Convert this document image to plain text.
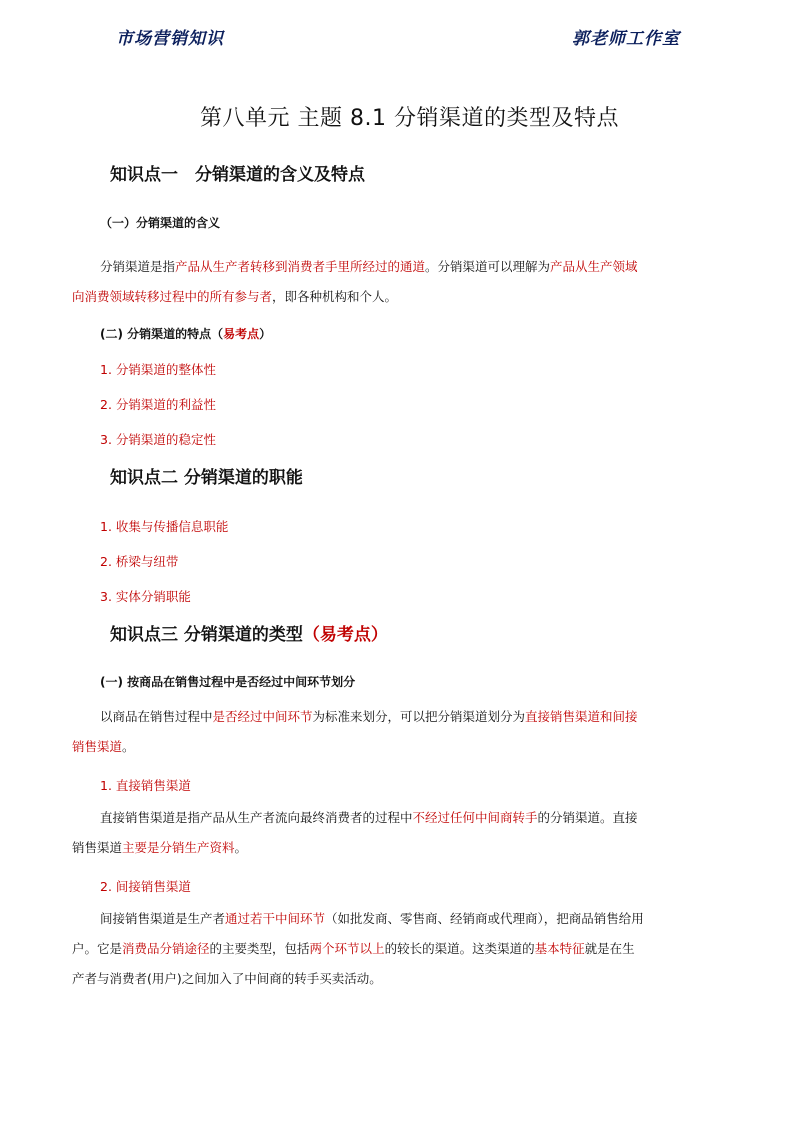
市场营销知识	郭老师工作室
第八单元 主题 8.1 分销渠道的类型及特点
知识点一　分销渠道的含义及特点
（一）分销渠道的含义

分销渠道是指产品从生产者转移到消费者手里所经过的通道。分销渠道可以理解为产品从生产领域向消费领域转移过程中的所有参与者，即各种机构和个人。

(二) 分销渠道的特点（易考点）
1. 分销渠道的整体性
2. 分销渠道的利益性
3. 分销渠道的稳定性
知识点二 分销渠道的职能
1. 收集与传播信息职能
2. 桥梁与纽带
3. 实体分销职能
知识点三 分销渠道的类型（易考点）
(一) 按商品在销售过程中是否经过中间环节划分

以商品在销售过程中是否经过中间环节为标准来划分，可以把分销渠道划分为直接销售渠道和间接销售渠道。

1. 直接销售渠道

直接销售渠道是指产品从生产者流向最终消费者的过程中不经过任何中间商转手的分销渠道。直接销售渠道主要是分销生产资料。

2. 间接销售渠道

间接销售渠道是生产者通过若干中间环节（如批发商、零售商、经销商或代理商），把商品销售给用户。它是消费品分销途径的主要类型，包括两个环节以上的较长的渠道。这类渠道的基本特征就是在生产者与消费者(用户)之间加入了中间商的转手买卖活动。
